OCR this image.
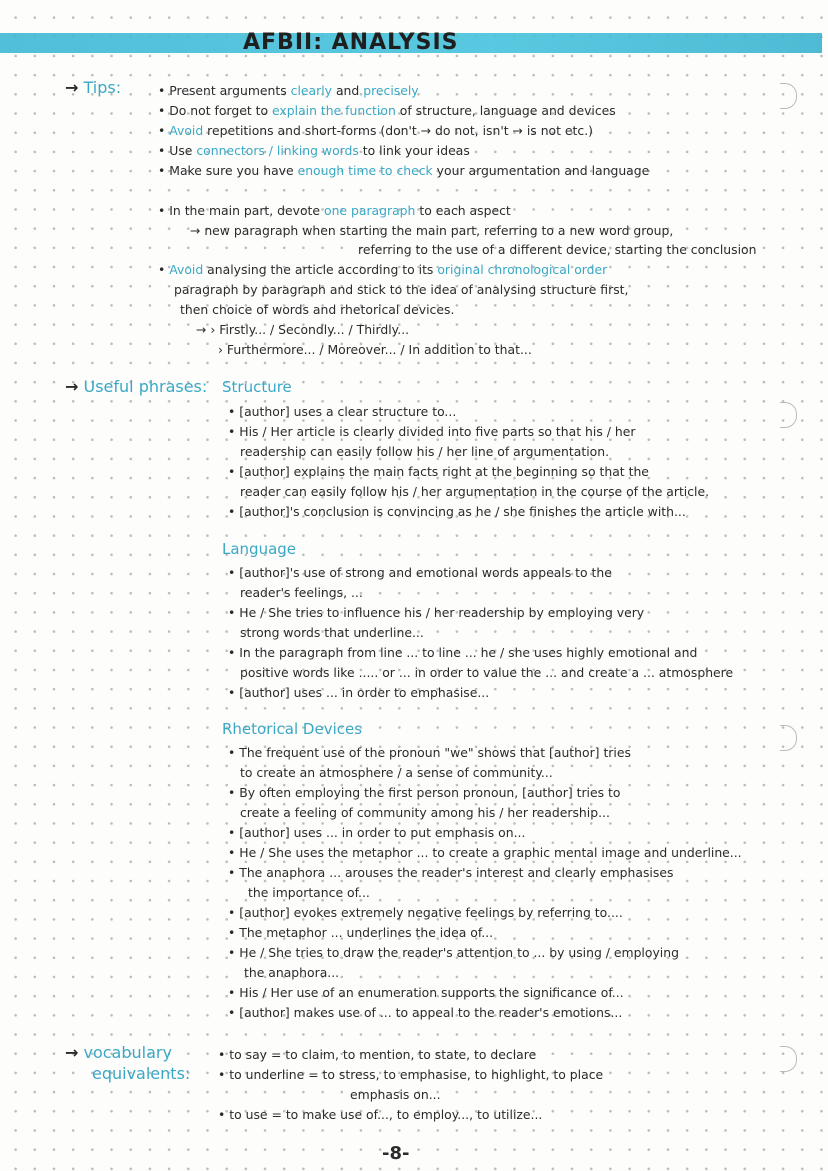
AFBII: ANALYSIS
→ Tips:	• Present arguments clearly and precisely
• Do not forget to explain the function of structure, language and devices
• Avoid repetitions and short-forms (don't → do not, isn't → is not etc.)
• Use connectors / linking words to link your ideas
• Make sure you have enough time to check your argumentation and language
• In the main part, devote one paragraph to each aspect
→ new paragraph when starting the main part, referring to a new word group,
referring to the use of a different device, starting the conclusion
• Avoid analysing the article according to its original chronological order
paragraph by paragraph and stick to the idea of analysing structure first,
then choice of words and rhetorical devices.
→ › Firstly... / Secondly... / Thirdly...
› Furthermore... / Moreover... / In addition to that...
→ Useful phrases: Structure
• [author] uses a clear structure to...
• His / Her article is clearly divided into five parts so that his / her
readership can easily follow his / her line of argumentation.
• [author] explains the main facts right at the beginning so that the
reader can easily follow his / her argumentation in the course of the article.
• [author]'s conclusion is convincing as he / she finishes the article with...
Language
• [author]'s use of strong and emotional words appeals to the
reader's feelings, ...
• He / She tries to influence his / her readership by employing very
strong words that underline...
• In the paragraph from line ... to line ... he / she uses highly emotional and
positive words like ..... or ... in order to value the ... and create a ... atmosphere
• [author] uses ... in order to emphasise...
Rhetorical Devices
• The frequent use of the pronoun "we" shows that [author] tries
to create an atmosphere / a sense of community...
• By often employing the first person pronoun, [author] tries to
create a feeling of community among his / her readership...
• [author] uses ... in order to put emphasis on...
• He / She uses the metaphor ... to create a graphic mental image and underline...
• The anaphora ... arouses the reader's interest and clearly emphasises
the importance of...
• [author] evokes extremely negative feelings by referring to....
• The metaphor ... underlines the idea of...
• He / She tries to draw the reader's attention to ... by using / employing
the anaphora...
• His / Her use of an enumeration supports the significance of...
• [author] makes use of ... to appeal to the reader's emotions...
→ vocabulary
equivalents:
• to say = to claim, to mention, to state, to declare
• to underline = to stress, to emphasise, to highlight, to place
emphasis on...
• to use = to make use of..., to employ..., to utilize...
-8-
